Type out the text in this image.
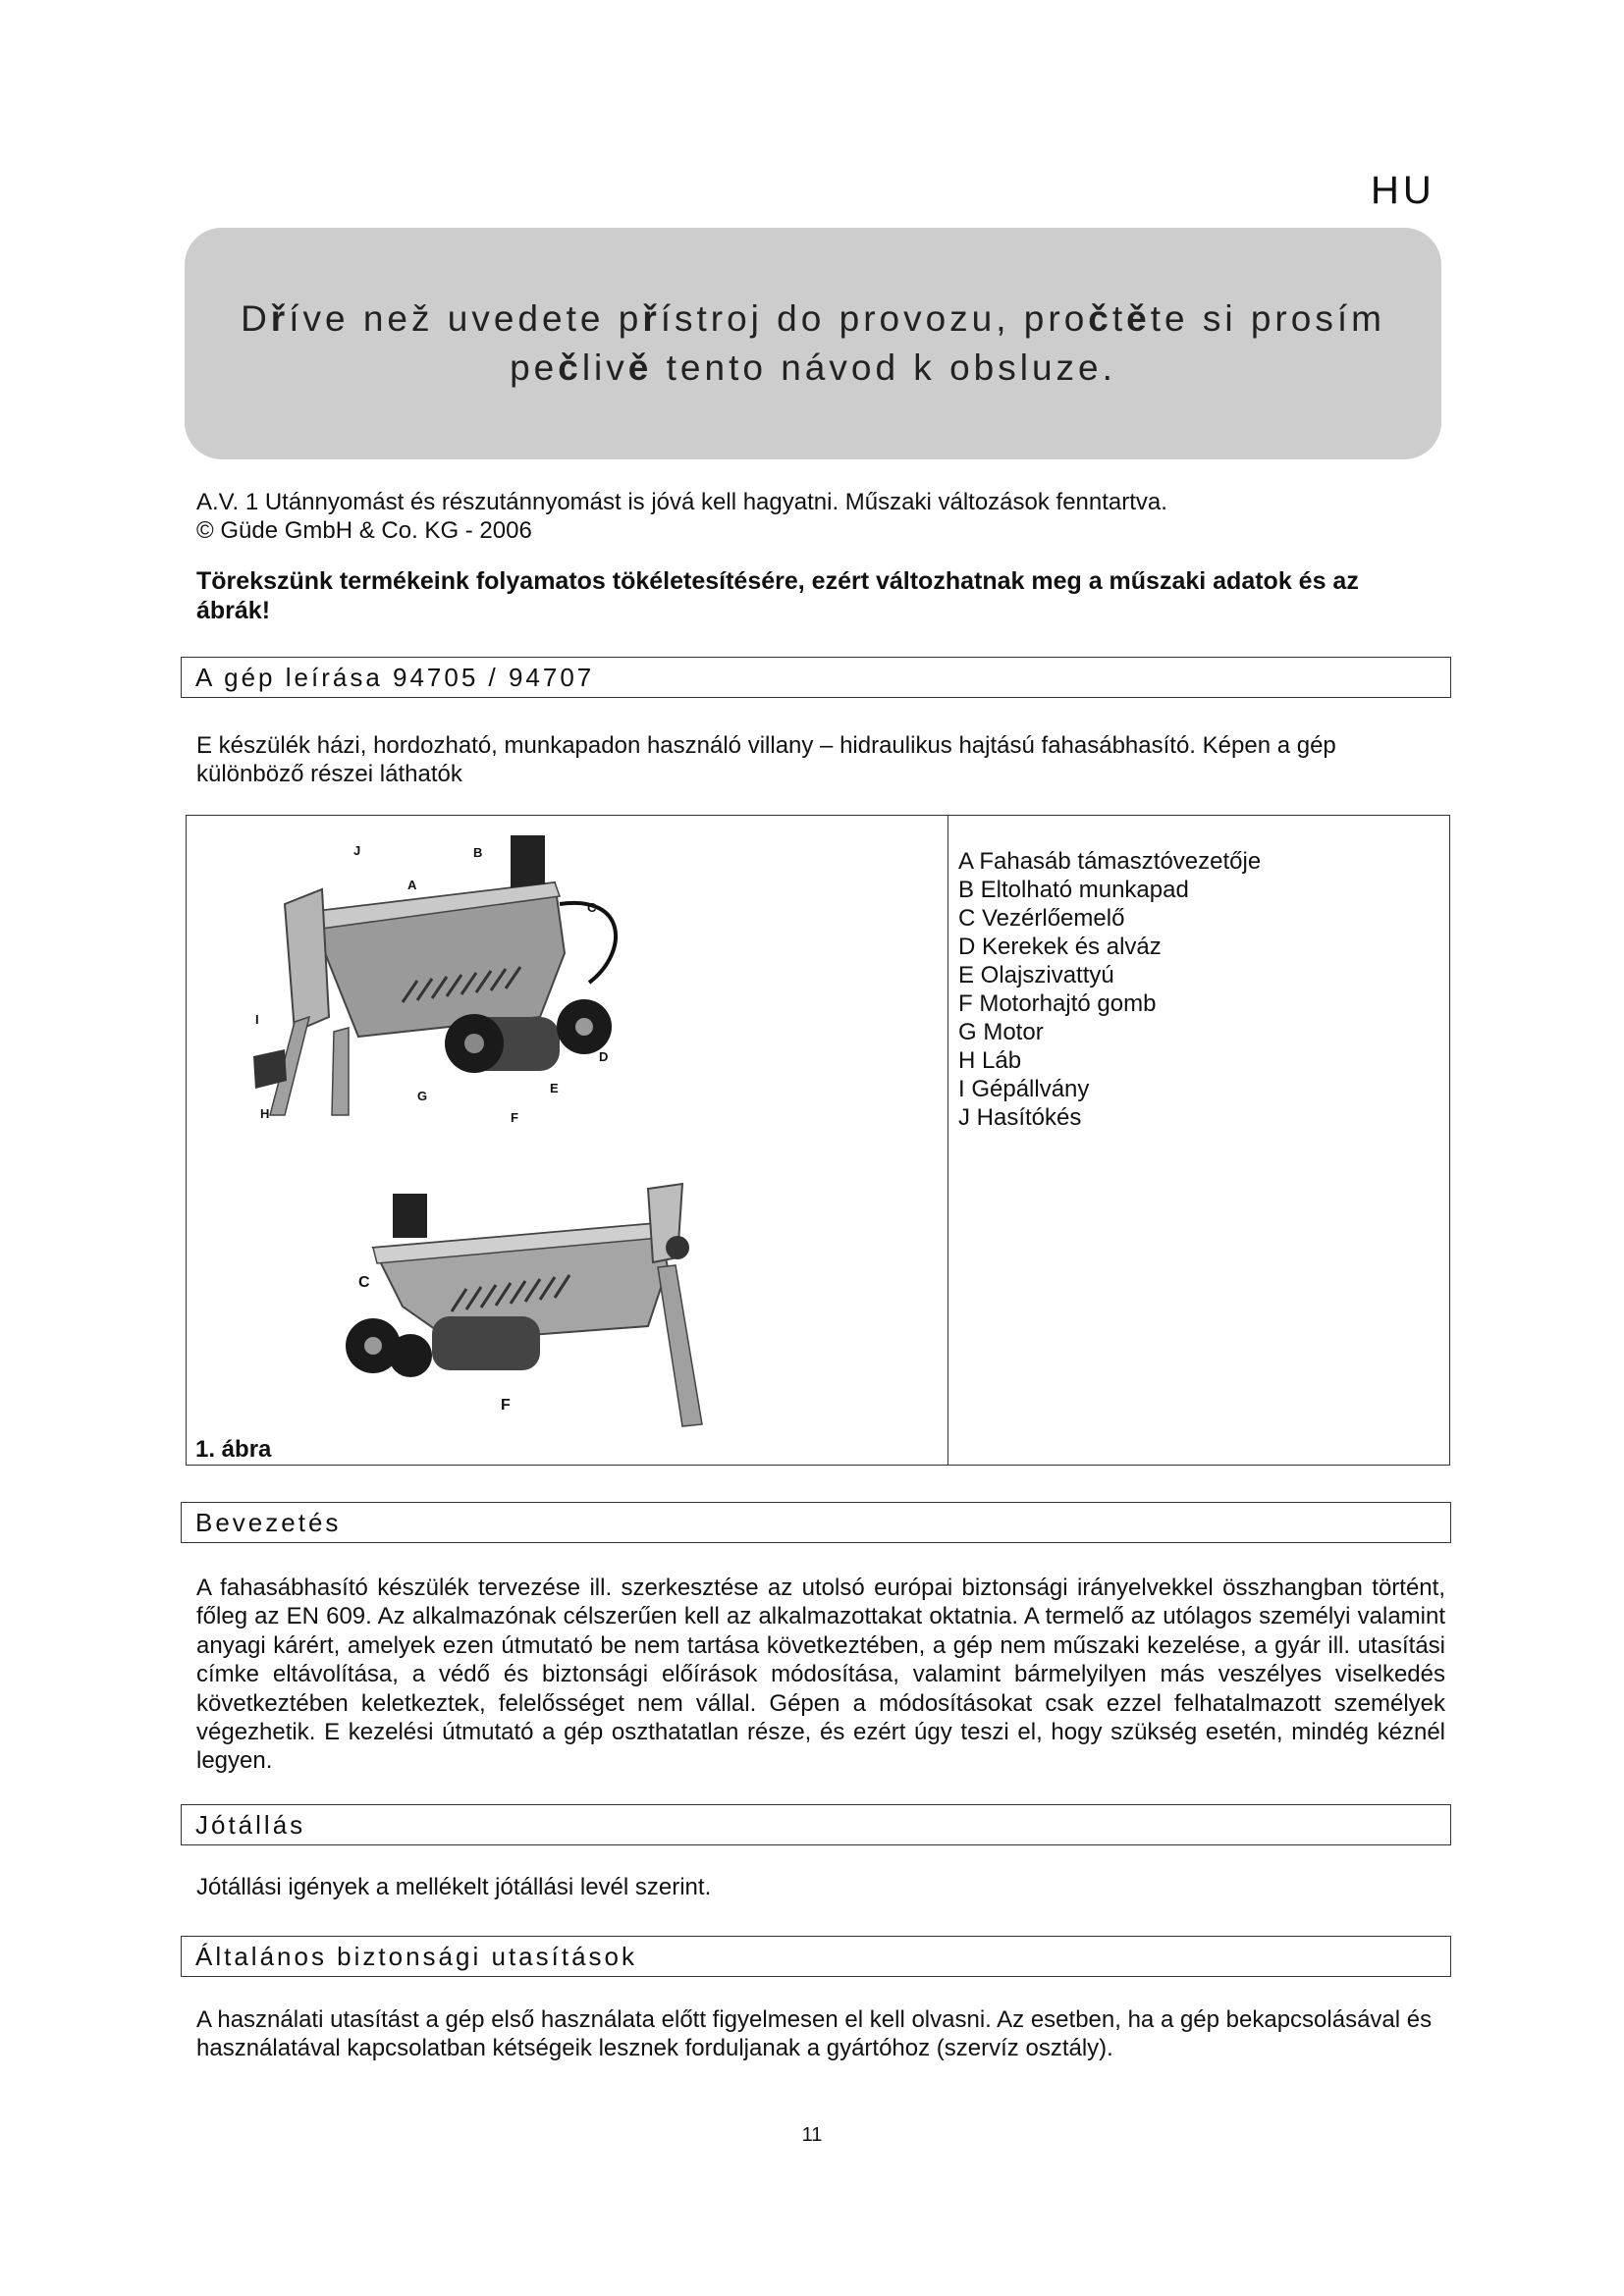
HU
Dříve než uvedete přístroj do provozu, pročtěte si prosím
pečlivě tento návod k obsluze.
A.V. 1 Utánnyomást és részutánnyomást is jóvá kell hagyatni. Műszaki változások fenntartva.
© Güde GmbH & Co. KG - 2006
Törekszünk termékeink folyamatos tökéletesítésére, ezért változhatnak meg a műszaki adatok és az ábrák!
A gép leírása 94705 / 94707
E készülék házi, hordozható, munkapadon használó villany – hidraulikus hajtású fahasábhasító. Képen a gép különböző részei láthatók
J
A
B
C
I
D
E
G
F
H
C
F
1. ábra
A Fahasáb támasztóvezetője
B Eltolható munkapad
C Vezérlőemelő
D Kerekek és alváz
E Olajszivattyú
F Motorhajtó gomb
G Motor
H Láb
I Gépállvány
J Hasítókés
Bevezetés
A fahasábhasító készülék tervezése ill. szerkesztése az utolsó európai biztonsági irányelvekkel összhangban történt, főleg az EN 609. Az alkalmazónak célszerűen kell az alkalmazottakat oktatnia. A termelő az utólagos személyi valamint anyagi kárért, amelyek ezen útmutató be nem tartása következtében, a gép nem műszaki kezelése, a gyár ill. utasítási címke eltávolítása, a védő és biztonsági előírások módosítása, valamint bármelyilyen más veszélyes viselkedés következtében keletkeztek, felelősséget nem vállal. Gépen a módosításokat csak ezzel felhatalmazott személyek végezhetik. E kezelési útmutató a gép oszthatatlan része, és ezért úgy teszi el, hogy szükség esetén, mindég kéznél legyen.
Jótállás
Jótállási igények a mellékelt jótállási levél szerint.
Általános biztonsági utasítások
A használati utasítást a gép első használata előtt figyelmesen el kell olvasni. Az esetben, ha a gép bekapcsolásával és használatával kapcsolatban kétségeik lesznek forduljanak a gyártóhoz (szervíz osztály).
11
